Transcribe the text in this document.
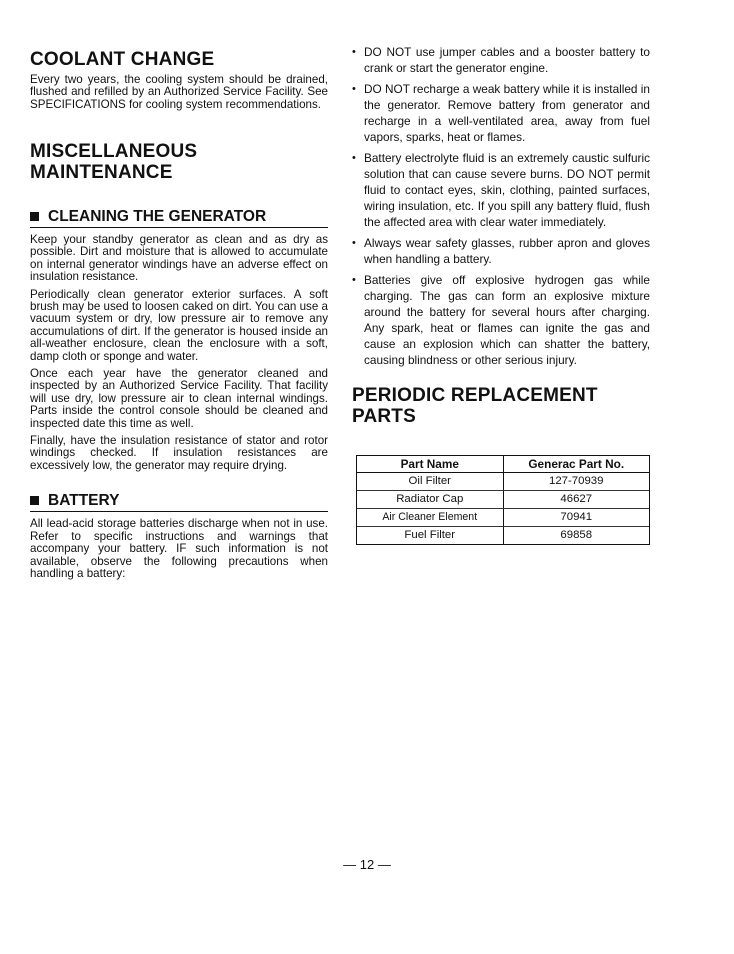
COOLANT CHANGE

Every two years, the cooling system should be drained, flushed and refilled by an Authorized Service Facility. See SPECIFICATIONS for cooling system recommendations.

MISCELLANEOUS MAINTENANCE
CLEANING THE GENERATOR

Keep your standby generator as clean and as dry as possible. Dirt and moisture that is allowed to accumulate on internal generator windings have an adverse effect on insulation resistance.

Periodically clean generator exterior surfaces. A soft brush may be used to loosen caked on dirt. You can use a vacuum system or dry, low pressure air to remove any accumulations of dirt. If the generator is housed inside an all-weather enclosure, clean the enclosure with a soft, damp cloth or sponge and water.

Once each year have the generator cleaned and inspected by an Authorized Service Facility. That facility will use dry, low pressure air to clean internal windings. Parts inside the control console should be cleaned and inspected date this time as well.

Finally, have the insulation resistance of stator and rotor windings checked. If insulation resistances are excessively low, the generator may require drying.

BATTERY

All lead-acid storage batteries discharge when not in use. Refer to specific instructions and warnings that accompany your battery. IF such information is not available, observe the following precautions when handling a battery:

• DO NOT use jumper cables and a booster battery to crank or start the generator engine.
• DO NOT recharge a weak battery while it is installed in the generator. Remove battery from generator and recharge in a well-ventilated area, away from fuel vapors, sparks, heat or flames.
• Battery electrolyte fluid is an extremely caustic sulfuric solution that can cause severe burns. DO NOT permit fluid to contact eyes, skin, clothing, painted surfaces, wiring insulation, etc. If you spill any battery fluid, flush the affected area with clear water immediately.
• Always wear safety glasses, rubber apron and gloves when handling a battery.
• Batteries give off explosive hydrogen gas while charging. The gas can form an explosive mixture around the battery for several hours after charging. Any spark, heat or flames can ignite the gas and cause an explosion which can shatter the battery, causing blindness or other serious injury.
PERIODIC REPLACEMENT PARTS
Part Name	Generac Part No.
Oil Filter	127-70939
Radiator Cap	46627
Air Cleaner Element	70941
Fuel Filter	69858
— 12 —
